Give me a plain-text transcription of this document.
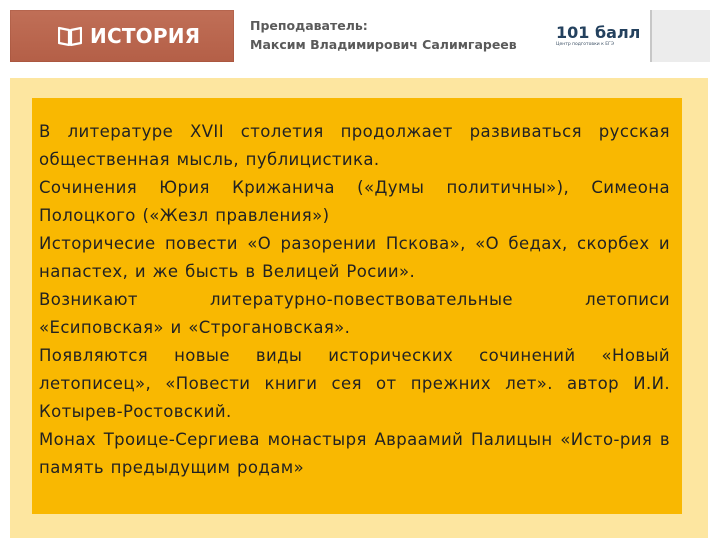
ИСТОРИЯ	Преподаватель:
Максим Владимирович Салимгареев
101 балл
Центр подготовки к ЕГЭ

В литературе XVII столетия продолжает развиваться русская общественная мысль, публицистика.

Сочинения Юрия Крижанича («Думы политичны»), Симеона Полоцкого («Жезл правления»)

Историчесие повести «О разорении Пскова», «О бедах, скорбех и напастех, и же бысть в Велицей Росии».

Возникают литературно-повествовательные летописи «Есиповская» и «Строгановская».

Появляются новые виды исторических сочинений «Новый летописец», «Повести книги сея от прежних лет». автор И.И. Котырев-Ростовский.

Монах Троице-Сергиева монастыря Авраамий Палицын «Исто-рия в память предыдущим родам»
